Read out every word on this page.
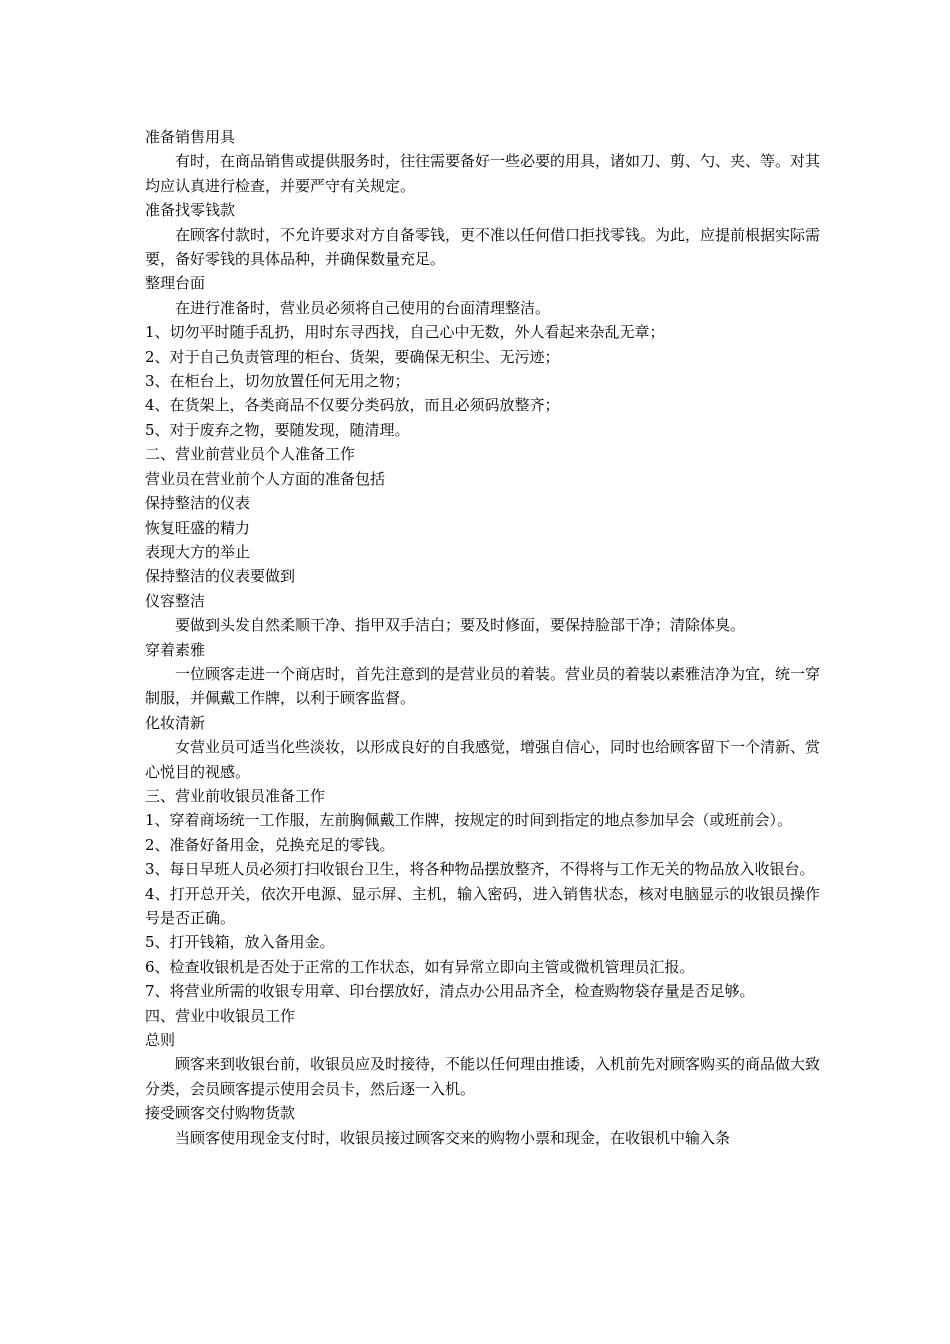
准备销售用具

有时，在商品销售或提供服务时，往往需要备好一些必要的用具，诸如刀、剪、勺、夹、等。对其均应认真进行检查，并要严守有关规定。

准备找零钱款

在顾客付款时，不允许要求对方自备零钱，更不准以任何借口拒找零钱。为此，应提前根据实际需要，备好零钱的具体品种，并确保数量充足。

整理台面

在进行准备时，营业员必须将自己使用的台面清理整洁。

1、切勿平时随手乱扔，用时东寻西找，自己心中无数，外人看起来杂乱无章；

2、对于自己负责管理的柜台、货架，要确保无积尘、无污迹；

3、在柜台上，切勿放置任何无用之物；

4、在货架上，各类商品不仅要分类码放，而且必须码放整齐；

5、对于废弃之物，要随发现，随清理。

二、营业前营业员个人准备工作

营业员在营业前个人方面的准备包括

保持整洁的仪表

恢复旺盛的精力

表现大方的举止

保持整洁的仪表要做到

仪容整洁

要做到头发自然柔顺干净、指甲双手洁白；要及时修面，要保持脸部干净；清除体臭。

穿着素雅

一位顾客走进一个商店时，首先注意到的是营业员的着装。营业员的着装以素雅洁净为宜，统一穿制服，并佩戴工作牌，以利于顾客监督。

化妆清新

女营业员可适当化些淡妆，以形成良好的自我感觉，增强自信心，同时也给顾客留下一个清新、赏心悦目的视感。

三、营业前收银员准备工作

1、穿着商场统一工作服，左前胸佩戴工作牌，按规定的时间到指定的地点参加早会（或班前会）。

2、准备好备用金，兑换充足的零钱。

3、每日早班人员必须打扫收银台卫生，将各种物品摆放整齐，不得将与工作无关的物品放入收银台。

4、打开总开关，依次开电源、显示屏、主机，输入密码，进入销售状态，核对电脑显示的收银员操作号是否正确。

5、打开钱箱，放入备用金。

6、检查收银机是否处于正常的工作状态，如有异常立即向主管或微机管理员汇报。

7、将营业所需的收银专用章、印台摆放好，清点办公用品齐全，检查购物袋存量是否足够。

四、营业中收银员工作

总则

顾客来到收银台前，收银员应及时接待，不能以任何理由推诿，入机前先对顾客购买的商品做大致分类，会员顾客提示使用会员卡，然后逐一入机。

接受顾客交付购物货款

当顾客使用现金支付时，收银员接过顾客交来的购物小票和现金，在收银机中输入条
